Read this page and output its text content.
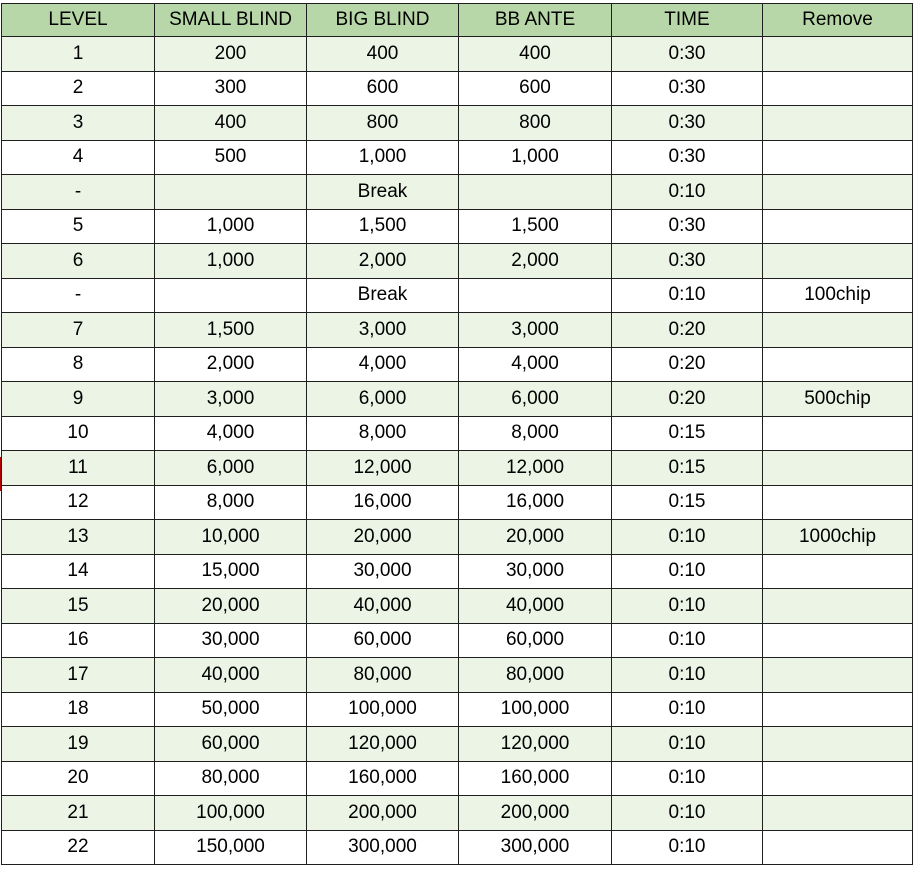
LEVEL	SMALL BLIND	BIG BLIND	BB ANTE	TIME	Remove
1	200	400	400	0:30	
2	300	600	600	0:30	
3	400	800	800	0:30	
4	500	1,000	1,000	0:30	
-		Break		0:10	
5	1,000	1,500	1,500	0:30	
6	1,000	2,000	2,000	0:30	
-		Break		0:10	100chip
7	1,500	3,000	3,000	0:20	
8	2,000	4,000	4,000	0:20	
9	3,000	6,000	6,000	0:20	500chip
10	4,000	8,000	8,000	0:15	
11	6,000	12,000	12,000	0:15	
12	8,000	16,000	16,000	0:15	
13	10,000	20,000	20,000	0:10	1000chip
14	15,000	30,000	30,000	0:10	
15	20,000	40,000	40,000	0:10	
16	30,000	60,000	60,000	0:10	
17	40,000	80,000	80,000	0:10	
18	50,000	100,000	100,000	0:10	
19	60,000	120,000	120,000	0:10	
20	80,000	160,000	160,000	0:10	
21	100,000	200,000	200,000	0:10	
22	150,000	300,000	300,000	0:10	
